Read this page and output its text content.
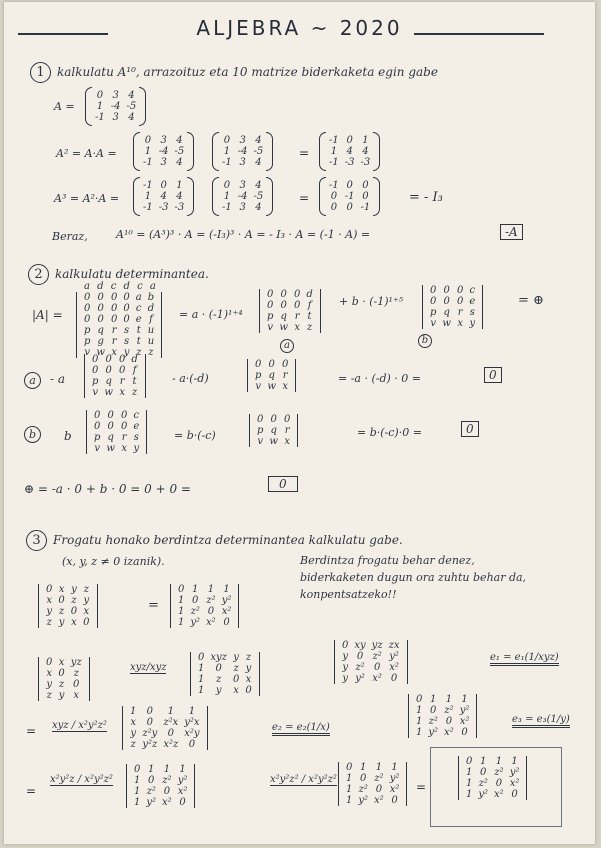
ALJEBRA ~ 2020
1 kalkulatu A¹⁰, arrazoituz eta 10 matrize biderkaketa egin gabe
A =
0	3	4
1	-4	-5
-1	3	4
A² = A·A =
0	3	4
1	-4	-5
-1	3	4
0	3	4
1	-4	-5
-1	3	4
=
-1	0	1
1	4	4
-1	-3	-3
A³ = A²·A =
-1	0	1
1	4	4
-1	-3	-3
0	3	4
1	-4	-5
-1	3	4
=
-1	0	0
0	-1	0
0	0	-1
= - I₃
Beraz,	A¹⁰ = (A³)³ · A = (-I₃)³ · A = - I₃ · A = (-1 · A) =	-A
2 kalkulatu determinantea.
a d c d c a
|A| =
0	0	0	0	a	b
0	0	0	0	c	d
0	0	0	0	e	f
p	q	r	s	t	u
p	g	r	s	t	u
v	w	x	y	z	z
= a · (-1)¹⁺⁴
0	0	0	d
0	0	0	f
p	q	r	t
v	w	x	z
a
+ b · (-1)¹⁺⁵
0	0	0	c
0	0	0	e
p	q	r	s
v	w	x	y
b
= ⊕
a	- a
0	0	0	d
0	0	0	f
p	q	r	t
v	w	x	z
- a·(-d)
0	0	0
p	q	r
v	w	x
= -a · (-d) · 0 =	0
b	b
0	0	0	c
0	0	0	e
p	q	r	s
v	w	x	y
= b·(-c)
0	0	0
p	q	r
v	w	x
= b·(-c)·0 =	0
⊕ = -a · 0 + b · 0 = 0 + 0 =	0
3 Frogatu honako berdintza determinantea kalkulatu gabe.
(x, y, z ≠ 0 izanik).	Berdintza frogatu behar denez, biderkaketen dugun ora zuhtu behar da, konpentsatzeko!!
0	x	y	z
x	0	z	y
y	z	0	x
z	y	x	0
=
0	1	1	1
1	0	z²	y²
1	z²	0	x²
1	y²	x²	0
0	x	yz
x	0	z
y	z	0
z	y	x
xyz/xyz
0	xyz	y	z
1	0	z	y
1	z	0	x
1	y	x	0
0	xy	yz	zx
y	0	z²	y²
y	z²	0	x²
y	y²	x²	0
e₁ = e₁(1/xyz)
= xyz / x²y²z²
1	0	1	1
x	0	z²x	y²x
y	z²y	0	x²y
z	y²z	x²z	0
e₂ = e₂(1/x)
0	1	1	1
1	0	z²	y²
1	z²	0	x²
1	y²	x²	0
e₃ = e₃(1/y)
=
x²y²z / x²y²z²
0	1	1	1
1	0	z²	y²
1	z²	0	x²
1	y²	x²	0
x²y²z² / x²y²z²
0	1	1	1
1	0	z²	y²
1	z²	0	x²
1	y²	x²	0
=
0	1	1	1
1	0	z²	y²
1	z²	0	x²
1	y²	x²	0
